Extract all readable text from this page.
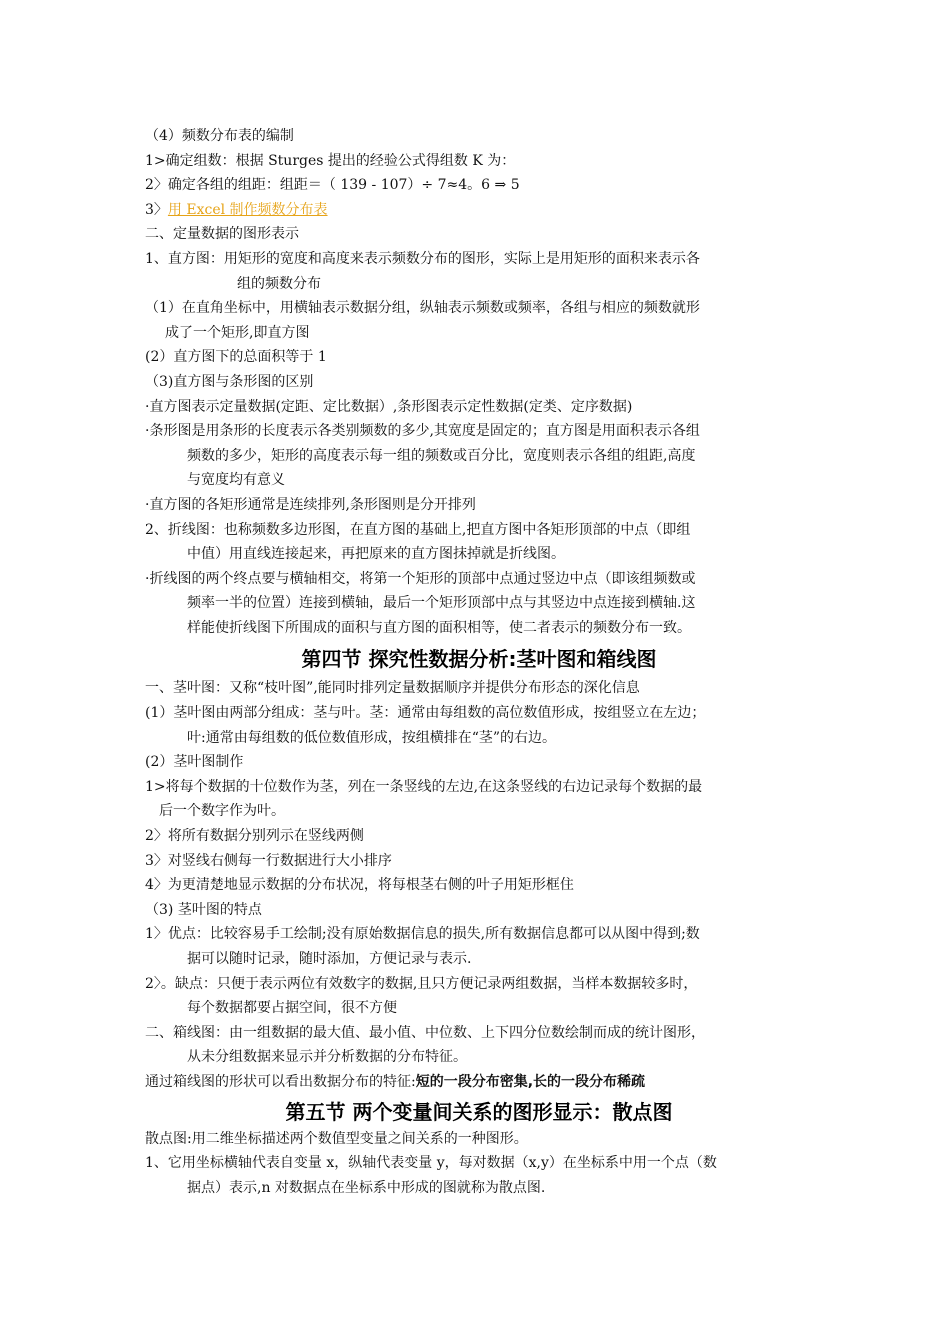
（4）频数分布表的编制
1>确定组数：根据 Sturges 提出的经验公式得组数 K 为：
2〉确定各组的组距：组距＝（ 139 - 107）÷ 7≈4。6 ⇒ 5
3〉用 Excel 制作频数分布表
二、定量数据的图形表示
1、直方图：用矩形的宽度和高度来表示频数分布的图形，实际上是用矩形的面积来表示各
组的频数分布
（1）在直角坐标中，用横轴表示数据分组，纵轴表示频数或频率，各组与相应的频数就形
成了一个矩形,即直方图
(2）直方图下的总面积等于 1
（3)直方图与条形图的区别
·直方图表示定量数据(定距、定比数据）,条形图表示定性数据(定类、定序数据)
·条形图是用条形的长度表示各类别频数的多少,其宽度是固定的；直方图是用面积表示各组
频数的多少，矩形的高度表示每一组的频数或百分比，宽度则表示各组的组距,高度
与宽度均有意义
·直方图的各矩形通常是连续排列,条形图则是分开排列
2、折线图：也称频数多边形图，在直方图的基础上,把直方图中各矩形顶部的中点（即组
中值）用直线连接起来，再把原来的直方图抹掉就是折线图。
·折线图的两个终点要与横轴相交，将第一个矩形的顶部中点通过竖边中点（即该组频数或
频率一半的位置）连接到横轴，最后一个矩形顶部中点与其竖边中点连接到横轴.这
样能使折线图下所围成的面积与直方图的面积相等，使二者表示的频数分布一致。
第四节 探究性数据分析:茎叶图和箱线图
一、茎叶图：又称“枝叶图”,能同时排列定量数据顺序并提供分布形态的深化信息
(1）茎叶图由两部分组成：茎与叶。茎：通常由每组数的高位数值形成，按组竖立在左边；
叶:通常由每组数的低位数值形成，按组横排在“茎”的右边。
(2）茎叶图制作
1>将每个数据的十位数作为茎，列在一条竖线的左边,在这条竖线的右边记录每个数据的最
后一个数字作为叶。
2〉将所有数据分别列示在竖线两侧
3〉对竖线右侧每一行数据进行大小排序
4〉为更清楚地显示数据的分布状况，将每根茎右侧的叶子用矩形框住
（3) 茎叶图的特点
1〉优点：比较容易手工绘制;没有原始数据信息的损失,所有数据信息都可以从图中得到;数
据可以随时记录，随时添加，方便记录与表示.
2〉。缺点：只便于表示两位有效数字的数据,且只方便记录两组数据，当样本数据较多时，
每个数据都要占据空间，很不方便
二、箱线图：由一组数据的最大值、最小值、中位数、上下四分位数绘制而成的统计图形，
从未分组数据来显示并分析数据的分布特征。
通过箱线图的形状可以看出数据分布的特征:短的一段分布密集,长的一段分布稀疏
第五节 两个变量间关系的图形显示：散点图
散点图:用二维坐标描述两个数值型变量之间关系的一种图形。
1、它用坐标横轴代表自变量 x，纵轴代表变量 y，每对数据（x,y）在坐标系中用一个点（数
据点）表示,n 对数据点在坐标系中形成的图就称为散点图.
